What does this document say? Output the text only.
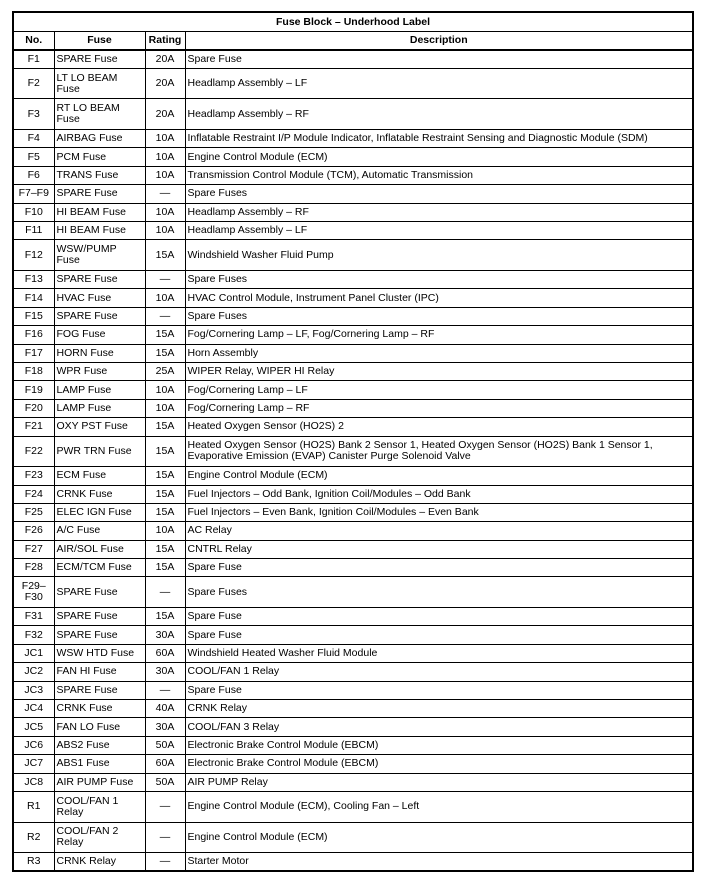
Fuse Block – Underhood Label			
No.	Fuse	Rating	Description
F1	SPARE Fuse	20A	Spare Fuse
F2	LT LO BEAM Fuse	20A	Headlamp Assembly – LF
F3	RT LO BEAM Fuse	20A	Headlamp Assembly – RF
F4	AIRBAG Fuse	10A	Inflatable Restraint I/P Module Indicator, Inflatable Restraint Sensing and Diagnostic Module (SDM)
F5	PCM Fuse	10A	Engine Control Module (ECM)
F6	TRANS Fuse	10A	Transmission Control Module (TCM), Automatic Transmission
F7–F9	SPARE Fuse	—	Spare Fuses
F10	HI BEAM Fuse	10A	Headlamp Assembly – RF
F11	HI BEAM Fuse	10A	Headlamp Assembly – LF
F12	WSW/PUMP Fuse	15A	Windshield Washer Fluid Pump
F13	SPARE Fuse	—	Spare Fuses
F14	HVAC Fuse	10A	HVAC Control Module, Instrument Panel Cluster (IPC)
F15	SPARE Fuse	—	Spare Fuses
F16	FOG Fuse	15A	Fog/Cornering Lamp – LF, Fog/Cornering Lamp – RF
F17	HORN Fuse	15A	Horn Assembly
F18	WPR Fuse	25A	WIPER Relay, WIPER HI Relay
F19	LAMP Fuse	10A	Fog/Cornering Lamp – LF
F20	LAMP Fuse	10A	Fog/Cornering Lamp – RF
F21	OXY PST Fuse	15A	Heated Oxygen Sensor (HO2S) 2
F22	PWR TRN Fuse	15A	Heated Oxygen Sensor (HO2S) Bank 2 Sensor 1, Heated Oxygen Sensor (HO2S) Bank 1 Sensor 1, Evaporative Emission (EVAP) Canister Purge Solenoid Valve
F23	ECM Fuse	15A	Engine Control Module (ECM)
F24	CRNK Fuse	15A	Fuel Injectors – Odd Bank, Ignition Coil/Modules – Odd Bank
F25	ELEC IGN Fuse	15A	Fuel Injectors – Even Bank, Ignition Coil/Modules – Even Bank
F26	A/C Fuse	10A	AC Relay
F27	AIR/SOL Fuse	15A	CNTRL Relay
F28	ECM/TCM Fuse	15A	Spare Fuse
F29–F30	SPARE Fuse	—	Spare Fuses
F31	SPARE Fuse	15A	Spare Fuse
F32	SPARE Fuse	30A	Spare Fuse
JC1	WSW HTD Fuse	60A	Windshield Heated Washer Fluid Module
JC2	FAN HI Fuse	30A	COOL/FAN 1 Relay
JC3	SPARE Fuse	—	Spare Fuse
JC4	CRNK Fuse	40A	CRNK Relay
JC5	FAN LO Fuse	30A	COOL/FAN 3 Relay
JC6	ABS2 Fuse	50A	Electronic Brake Control Module (EBCM)
JC7	ABS1 Fuse	60A	Electronic Brake Control Module (EBCM)
JC8	AIR PUMP Fuse	50A	AIR PUMP Relay
R1	COOL/FAN 1 Relay	—	Engine Control Module (ECM), Cooling Fan – Left
R2	COOL/FAN 2 Relay	—	Engine Control Module (ECM)
R3	CRNK Relay	—	Starter Motor
